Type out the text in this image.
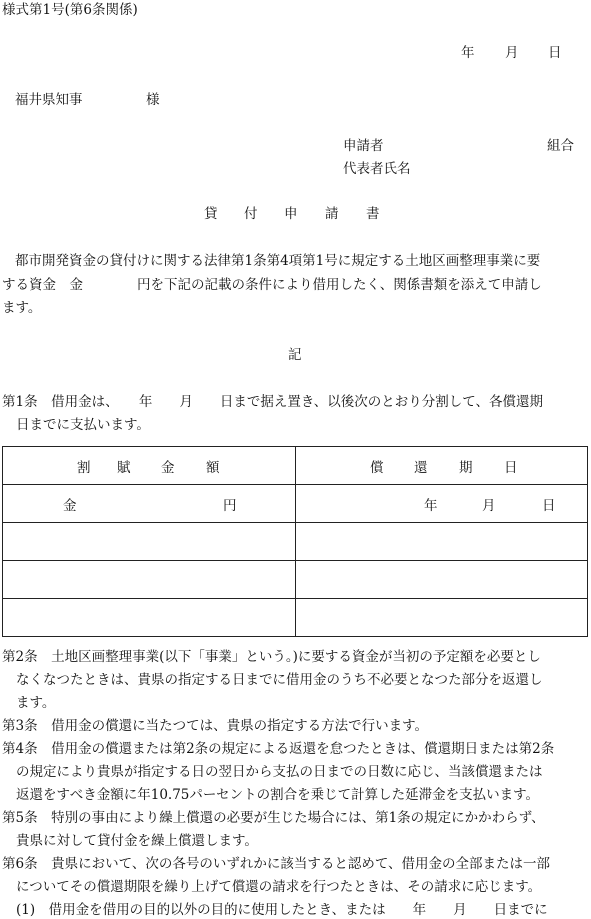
様式第1号(第6条関係)
年 月 日
福井県知事	様
申請者	組合
代表者氏名
貸 付 申 請 書
都市開発資金の貸付けに関する法律第1条第4項第1号に規定する土地区画整理事業に要
する資金　金　　　　円を下記の記載の条件により借用したく、関係書類を添えて申請し
ます。
記
第1条　借用金は、　　年　　月　　日まで据え置き、以後次のとおり分割して、各償還期
日までに支払います。
割 賦 金 額	償 還 期 日

金 円	年 月 日

第2条　土地区画整理事業(以下「事業」という。)に要する資金が当初の予定額を必要とし
なくなつたときは、貴県の指定する日までに借用金のうち不必要となつた部分を返還し
ます。
第3条　借用金の償還に当たつては、貴県の指定する方法で行います。
第4条　借用金の償還または第2条の規定による返還を怠つたときは、償還期日または第2条
の規定により貴県が指定する日の翌日から支払の日までの日数に応じ、当該償還または
返還をすべき金額に年10.75パーセントの割合を乗じて計算した延滞金を支払います。
第5条　特別の事由により繰上償還の必要が生じた場合には、第1条の規定にかかわらず、
貴県に対して貸付金を繰上償還します。
第6条　貴県において、次の各号のいずれかに該当すると認めて、借用金の全部または一部
についてその償還期限を繰り上げて償還の請求を行つたときは、その請求に応じます。
(1)　借用金を借用の目的以外の目的に使用したとき、または　　年　　月　　日までに
